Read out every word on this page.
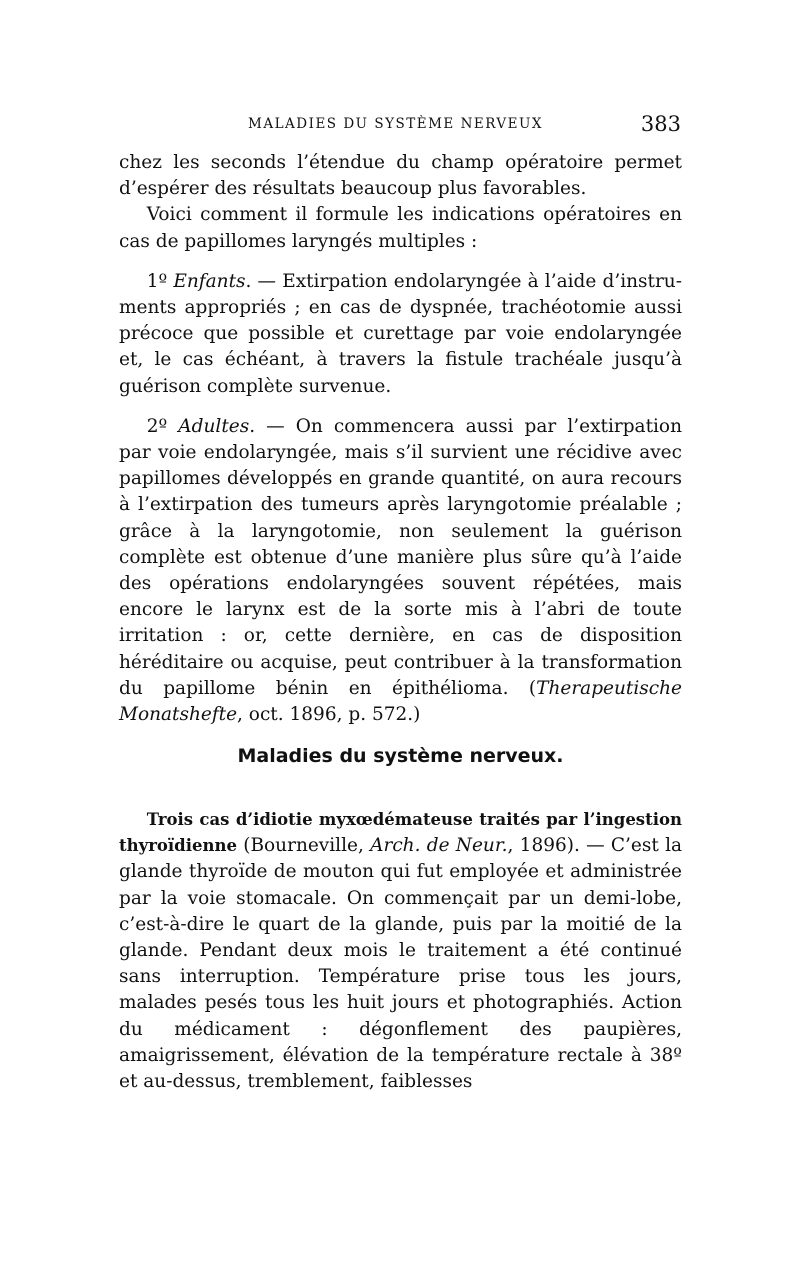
MALADIES DU SYSTÈME NERVEUX	383

chez les seconds l’étendue du champ opératoire permet d’espérer des résultats beaucoup plus favorables.

Voici comment il formule les indications opératoires en cas de papillomes laryngés multiples :

1º Enfants. — Extirpation endolaryngée à l’aide d’instruments appropriés ; en cas de dyspnée, trachéotomie aussi précoce que possible et curettage par voie endolaryngée et, le cas échéant, à travers la fistule trachéale jusqu’à guérison complète survenue.

2º Adultes. — On commencera aussi par l’extirpation par voie endolaryngée, mais s’il survient une récidive avec papillomes développés en grande quantité, on aura recours à l’extirpation des tumeurs après laryngotomie préalable ; grâce à la laryngotomie, non seulement la guérison complète est obtenue d’une manière plus sûre qu’à l’aide des opérations endolaryngées souvent répétées, mais encore le larynx est de la sorte mis à l’abri de toute irritation : or, cette dernière, en cas de disposition héréditaire ou acquise, peut contribuer à la transformation du papillome bénin en épithélioma. (Therapeutische Monatshefte, oct. 1896, p. 572.)

Maladies du système nerveux.

Trois cas d’idiotie myxœdémateuse traités par l’ingestion thyroïdienne (Bourneville, Arch. de Neur., 1896). — C’est la glande thyroïde de mouton qui fut employée et administrée par la voie stomacale. On commençait par un demi-lobe, c’est-à-dire le quart de la glande, puis par la moitié de la glande. Pendant deux mois le traitement a été continué sans interruption. Température prise tous les jours, malades pesés tous les huit jours et photographiés. Action du médicament : dégonflement des paupières, amaigrissement, élévation de la température rectale à 38º et au-dessus, tremblement, faiblesses
